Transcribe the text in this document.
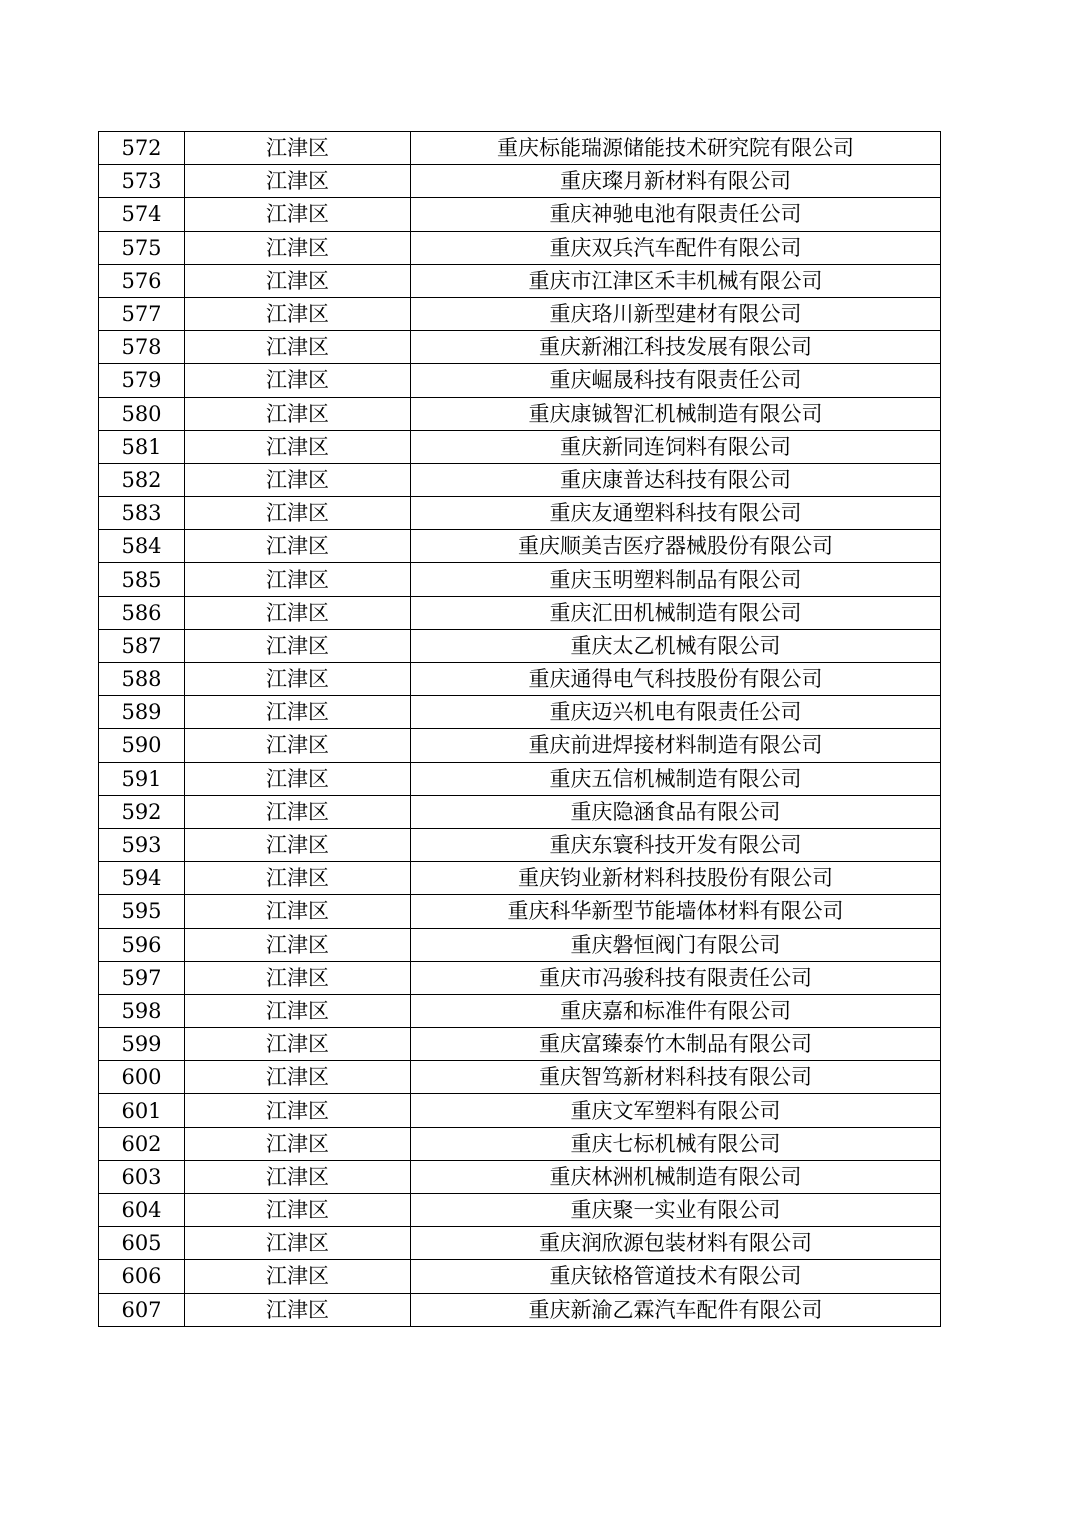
572	江津区	重庆标能瑞源储能技术研究院有限公司
573	江津区	重庆璨月新材料有限公司
574	江津区	重庆神驰电池有限责任公司
575	江津区	重庆双兵汽车配件有限公司
576	江津区	重庆市江津区禾丰机械有限公司
577	江津区	重庆珞川新型建材有限公司
578	江津区	重庆新湘江科技发展有限公司
579	江津区	重庆崛晟科技有限责任公司
580	江津区	重庆康铖智汇机械制造有限公司
581	江津区	重庆新同连饲料有限公司
582	江津区	重庆康普达科技有限公司
583	江津区	重庆友通塑料科技有限公司
584	江津区	重庆顺美吉医疗器械股份有限公司
585	江津区	重庆玉明塑料制品有限公司
586	江津区	重庆汇田机械制造有限公司
587	江津区	重庆太乙机械有限公司
588	江津区	重庆通得电气科技股份有限公司
589	江津区	重庆迈兴机电有限责任公司
590	江津区	重庆前进焊接材料制造有限公司
591	江津区	重庆五信机械制造有限公司
592	江津区	重庆隐涵食品有限公司
593	江津区	重庆东寰科技开发有限公司
594	江津区	重庆钧业新材料科技股份有限公司
595	江津区	重庆科华新型节能墙体材料有限公司
596	江津区	重庆磐恒阀门有限公司
597	江津区	重庆市冯骏科技有限责任公司
598	江津区	重庆嘉和标准件有限公司
599	江津区	重庆富臻泰竹木制品有限公司
600	江津区	重庆智笃新材料科技有限公司
601	江津区	重庆文军塑料有限公司
602	江津区	重庆七标机械有限公司
603	江津区	重庆林洲机械制造有限公司
604	江津区	重庆聚一实业有限公司
605	江津区	重庆润欣源包装材料有限公司
606	江津区	重庆铱格管道技术有限公司
607	江津区	重庆新渝乙霖汽车配件有限公司
